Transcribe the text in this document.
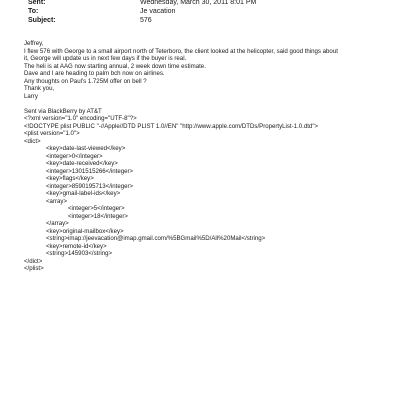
Sent:	Wednesday, March 30, 2011 8:01 PM
To:	Je vacation
Subject:	576

Jeffrey,

I flew 576 with George to a small airport north of Teterboro, the client looked at the helicopter, said good things about

it, George will update us in next few days if the buyer is real.

The heli is at AAG now starting annual, 2 week down time estimate.

Dave and I are heading to palm bch now on airlines.

Any thoughts on Paul's 1.725M offer on bell ?

Thank you,

Larry

Sent via BlackBerry by AT&T

<?xml version="1.0" encoding="UTF-8"?>

<!DOCTYPE plist PUBLIC "-//Apple//DTD PLIST 1.0//EN" "http://www.apple.com/DTDs/PropertyList-1.0.dtd">

<plist version="1.0">

<dict>

<key>date-last-viewed</key>

<integer>0</integer>

<key>date-received</key>

<integer>1301515266</integer>

<key>flags</key>

<integer>8590195713</integer>

<key>gmail-label-ids</key>

<array>

<integer>5</integer>

<integer>18</integer>

</array>

<key>original-mailbox</key>

<string>imap://jeevacation@imap.gmail.com/%5BGmail%5D/All%20Mail</string>

<key>remote-id</key>

<string>145903</string>

</dict>

</plist>
